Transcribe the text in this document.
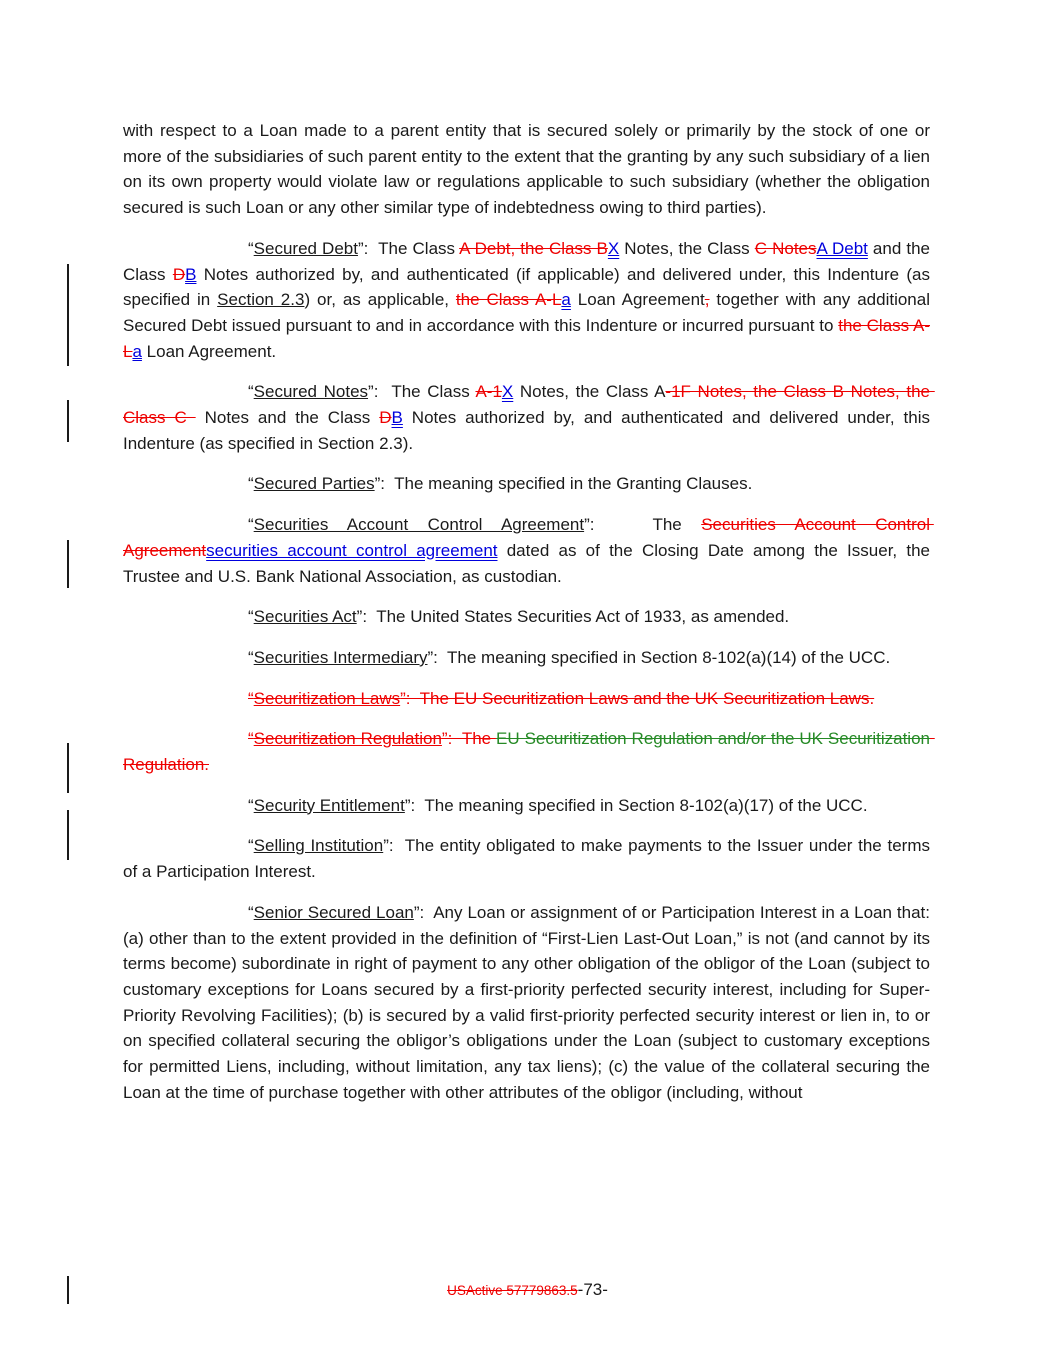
with respect to a Loan made to a parent entity that is secured solely or primarily by the stock of one or more of the subsidiaries of such parent entity to the extent that the granting by any such subsidiary of a lien on its own property would violate law or regulations applicable to such subsidiary (whether the obligation secured is such Loan or any other similar type of indebtedness owing to third parties).

“Secured Debt”:  The Class A Debt, the Class BX Notes, the Class C NotesA Debt and the Class DB Notes authorized by, and authenticated (if applicable) and delivered under, this Indenture (as specified in Section 2.3) or, as applicable, the Class A-La Loan Agreement, together with any additional Secured Debt issued pursuant to and in accordance with this Indenture or incurred pursuant to the Class A-La Loan Agreement.

“Secured Notes”:  The Class A-1X Notes, the Class A-1F Notes, the Class B Notes, the Class C  Notes and the Class DB Notes authorized by, and authenticated and delivered under, this Indenture (as specified in Section 2.3).

“Secured Parties”:  The meaning specified in the Granting Clauses.

“Securities Account Control Agreement”:   The Securities Account Control Agreementsecurities account control agreement dated as of the Closing Date among the Issuer, the Trustee and U.S. Bank National Association, as custodian.

“Securities Act”:  The United States Securities Act of 1933, as amended.

“Securities Intermediary”:  The meaning specified in Section 8-102(a)(14) of the UCC.

“Securitization Laws”:  The EU Securitization Laws and the UK Securitization Laws.

“Securitization Regulation”:  The EU Securitization Regulation and/or the UK Securitization Regulation.

“Security Entitlement”:  The meaning specified in Section 8-102(a)(17) of the UCC.

“Selling Institution”:  The entity obligated to make payments to the Issuer under the terms of a Participation Interest.

“Senior Secured Loan”:  Any Loan or assignment of or Participation Interest in a Loan that:  (a) other than to the extent provided in the definition of “First-Lien Last-Out Loan,” is not (and cannot by its terms become) subordinate in right of payment to any other obligation of the obligor of the Loan (subject to customary exceptions for Loans secured by a first-priority perfected security interest, including for Super-Priority Revolving Facilities); (b) is secured by a valid first-priority perfected security interest or lien in, to or on specified collateral securing the obligor’s obligations under the Loan (subject to customary exceptions for permitted Liens, including, without limitation, any tax liens); (c) the value of the collateral securing the Loan at the time of purchase together with other attributes of the obligor (including, without

USActive 57779863.5-73-
